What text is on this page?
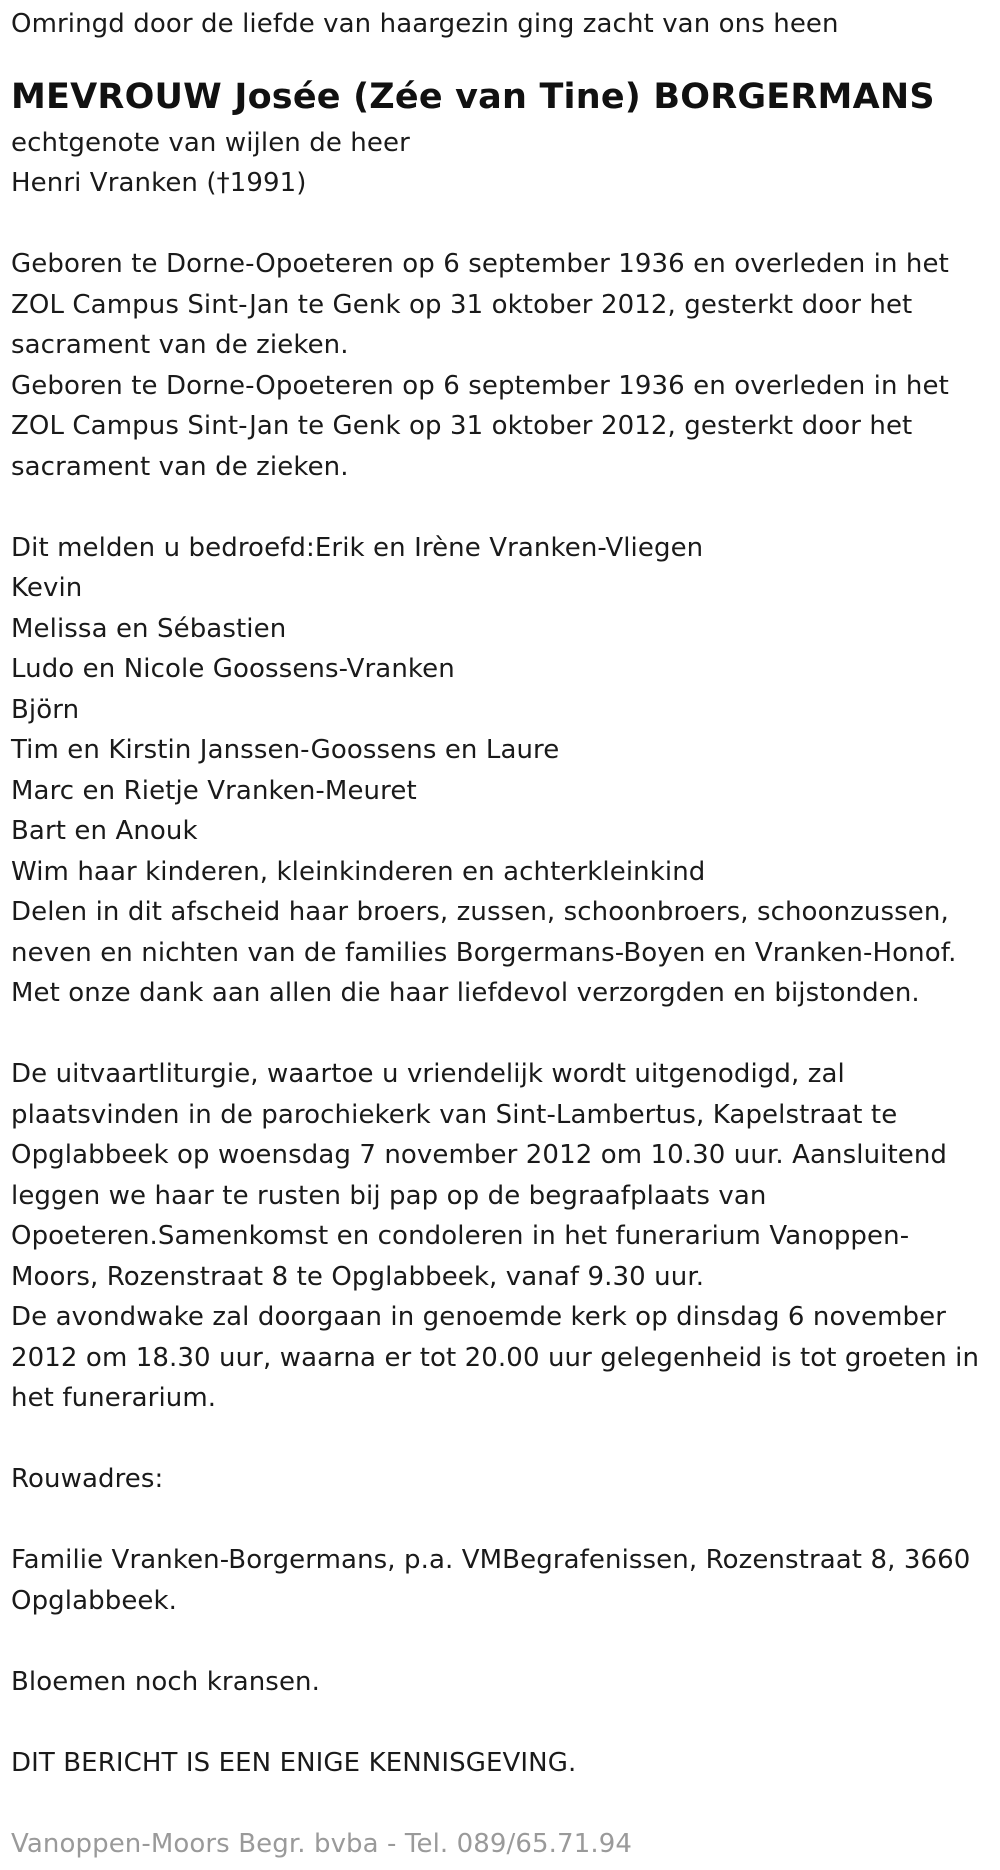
Omringd door de liefde van haargezin ging zacht van ons heen
MEVROUW Josée (Zée van Tine) BORGERMANS
echtgenote van wijlen de heer
Henri Vranken (†1991)
Geboren te Dorne-Opoeteren op 6 september 1936 en overleden in het
ZOL Campus Sint-Jan te Genk op 31 oktober 2012, gesterkt door het
sacrament van de zieken.
Geboren te Dorne-Opoeteren op 6 september 1936 en overleden in het
ZOL Campus Sint-Jan te Genk op 31 oktober 2012, gesterkt door het
sacrament van de zieken.
Dit melden u bedroefd:Erik en Irène Vranken-Vliegen
Kevin
Melissa en Sébastien
Ludo en Nicole Goossens-Vranken
Björn
Tim en Kirstin Janssen-Goossens en Laure
Marc en Rietje Vranken-Meuret
Bart en Anouk
Wim haar kinderen, kleinkinderen en achterkleinkind
Delen in dit afscheid haar broers, zussen, schoonbroers, schoonzussen,
neven en nichten van de families Borgermans-Boyen en Vranken-Honof.
Met onze dank aan allen die haar liefdevol verzorgden en bijstonden.
De uitvaartliturgie, waartoe u vriendelijk wordt uitgenodigd, zal
plaatsvinden in de parochiekerk van Sint-Lambertus, Kapelstraat te
Opglabbeek op woensdag 7 november 2012 om 10.30 uur. Aansluitend
leggen we haar te rusten bij pap op de begraafplaats van
Opoeteren.Samenkomst en condoleren in het funerarium Vanoppen-
Moors, Rozenstraat 8 te Opglabbeek, vanaf 9.30 uur.
De avondwake zal doorgaan in genoemde kerk op dinsdag 6 november
2012 om 18.30 uur, waarna er tot 20.00 uur gelegenheid is tot groeten in
het funerarium.
Rouwadres:
Familie Vranken-Borgermans, p.a. VMBegrafenissen, Rozenstraat 8, 3660
Opglabbeek.
Bloemen noch kransen.
DIT BERICHT IS EEN ENIGE KENNISGEVING.
Vanoppen-Moors Begr. bvba - Tel. 089/65.71.94
